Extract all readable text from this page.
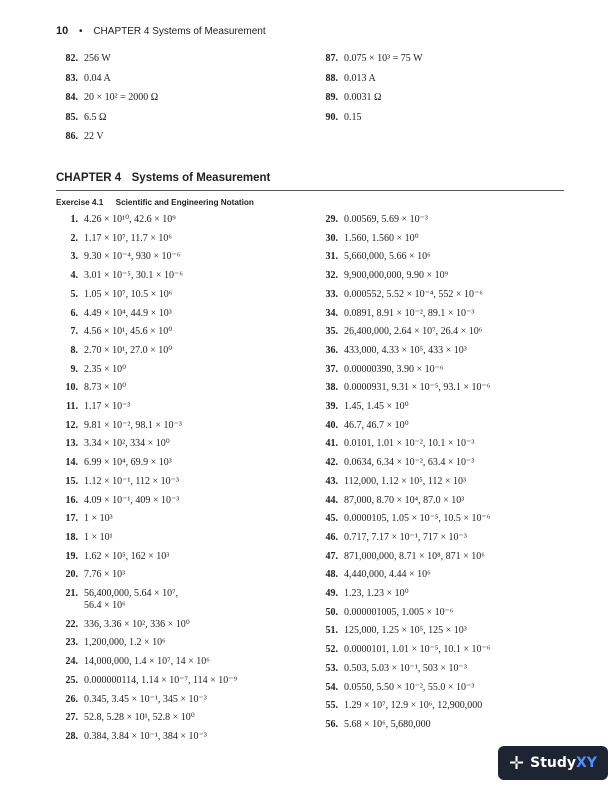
10 • CHAPTER 4 Systems of Measurement
82. 256 W
83. 0.04 A
84. 20 × 10² = 2000 Ω
85. 6.5 Ω
86. 22 V
87. 0.075 × 10³ = 75 W
88. 0.013 A
89. 0.0031 Ω
90. 0.15
CHAPTER 4 Systems of Measurement
Exercise 4.1 Scientific and Engineering Notation
1. 4.26 × 10¹⁰, 42.6 × 10⁹
2. 1.17 × 10⁷, 11.7 × 10⁶
3. 9.30 × 10⁻⁴, 930 × 10⁻⁶
4. 3.01 × 10⁻⁵, 30.1 × 10⁻⁶
5. 1.05 × 10⁷, 10.5 × 10⁶
6. 4.49 × 10⁴, 44.9 × 10³
7. 4.56 × 10¹, 45.6 × 10⁰
8. 2.70 × 10¹, 27.0 × 10⁰
9. 2.35 × 10⁰
10. 8.73 × 10⁰
11. 1.17 × 10⁻³
12. 9.81 × 10⁻², 98.1 × 10⁻³
13. 3.34 × 10², 334 × 10⁰
14. 6.99 × 10⁴, 69.9 × 10³
15. 1.12 × 10⁻¹, 112 × 10⁻³
16. 4.09 × 10⁻¹, 409 × 10⁻³
17. 1 × 10³
18. 1 × 10¹
19. 1.62 × 10⁵, 162 × 10³
20. 7.76 × 10³
21. 56,400,000, 5.64 × 10⁷,
56.4 × 10⁶
22. 336, 3.36 × 10², 336 × 10⁰
23. 1,200,000, 1.2 × 10⁶
24. 14,000,000, 1.4 × 10⁷, 14 × 10⁶
25. 0.000000114, 1.14 × 10⁻⁷, 114 × 10⁻⁹
26. 0.345, 3.45 × 10⁻¹, 345 × 10⁻³
27. 52.8, 5.28 × 10¹, 52.8 × 10⁰
28. 0.384, 3.84 × 10⁻¹, 384 × 10⁻³
29. 0.00569, 5.69 × 10⁻³
30. 1.560, 1.560 × 10⁰
31. 5,660,000, 5.66 × 10⁶
32. 9,900,000,000, 9.90 × 10⁹
33. 0.000552, 5.52 × 10⁻⁴, 552 × 10⁻⁶
34. 0.0891, 8.91 × 10⁻², 89.1 × 10⁻³
35. 26,400,000, 2.64 × 10⁷, 26.4 × 10⁶
36. 433,000, 4.33 × 10⁵, 433 × 10³
37. 0.00000390, 3.90 × 10⁻⁶
38. 0.0000931, 9.31 × 10⁻⁵, 93.1 × 10⁻⁶
39. 1.45, 1.45 × 10⁰
40. 46.7, 46.7 × 10⁰
41. 0.0101, 1.01 × 10⁻², 10.1 × 10⁻³
42. 0.0634, 6.34 × 10⁻², 63.4 × 10⁻³
43. 112,000, 1.12 × 10⁵, 112 × 10³
44. 87,000, 8.70 × 10⁴, 87.0 × 10³
45. 0.0000105, 1.05 × 10⁻⁵, 10.5 × 10⁻⁶
46. 0.717, 7.17 × 10⁻¹, 717 × 10⁻³
47. 871,000,000, 8.71 × 10⁸, 871 × 10⁶
48. 4,440,000, 4.44 × 10⁶
49. 1.23, 1.23 × 10⁰
50. 0.000001005, 1.005 × 10⁻⁶
51. 125,000, 1.25 × 10⁵, 125 × 10³
52. 0.0000101, 1.01 × 10⁻⁵, 10.1 × 10⁻⁶
53. 0.503, 5.03 × 10⁻¹, 503 × 10⁻³
54. 0.0550, 5.50 × 10⁻², 55.0 × 10⁻³
55. 1.29 × 10⁷, 12.9 × 10⁶, 12,900,000
56. 5.68 × 10⁶, 5,680,000
✛ Study XY
